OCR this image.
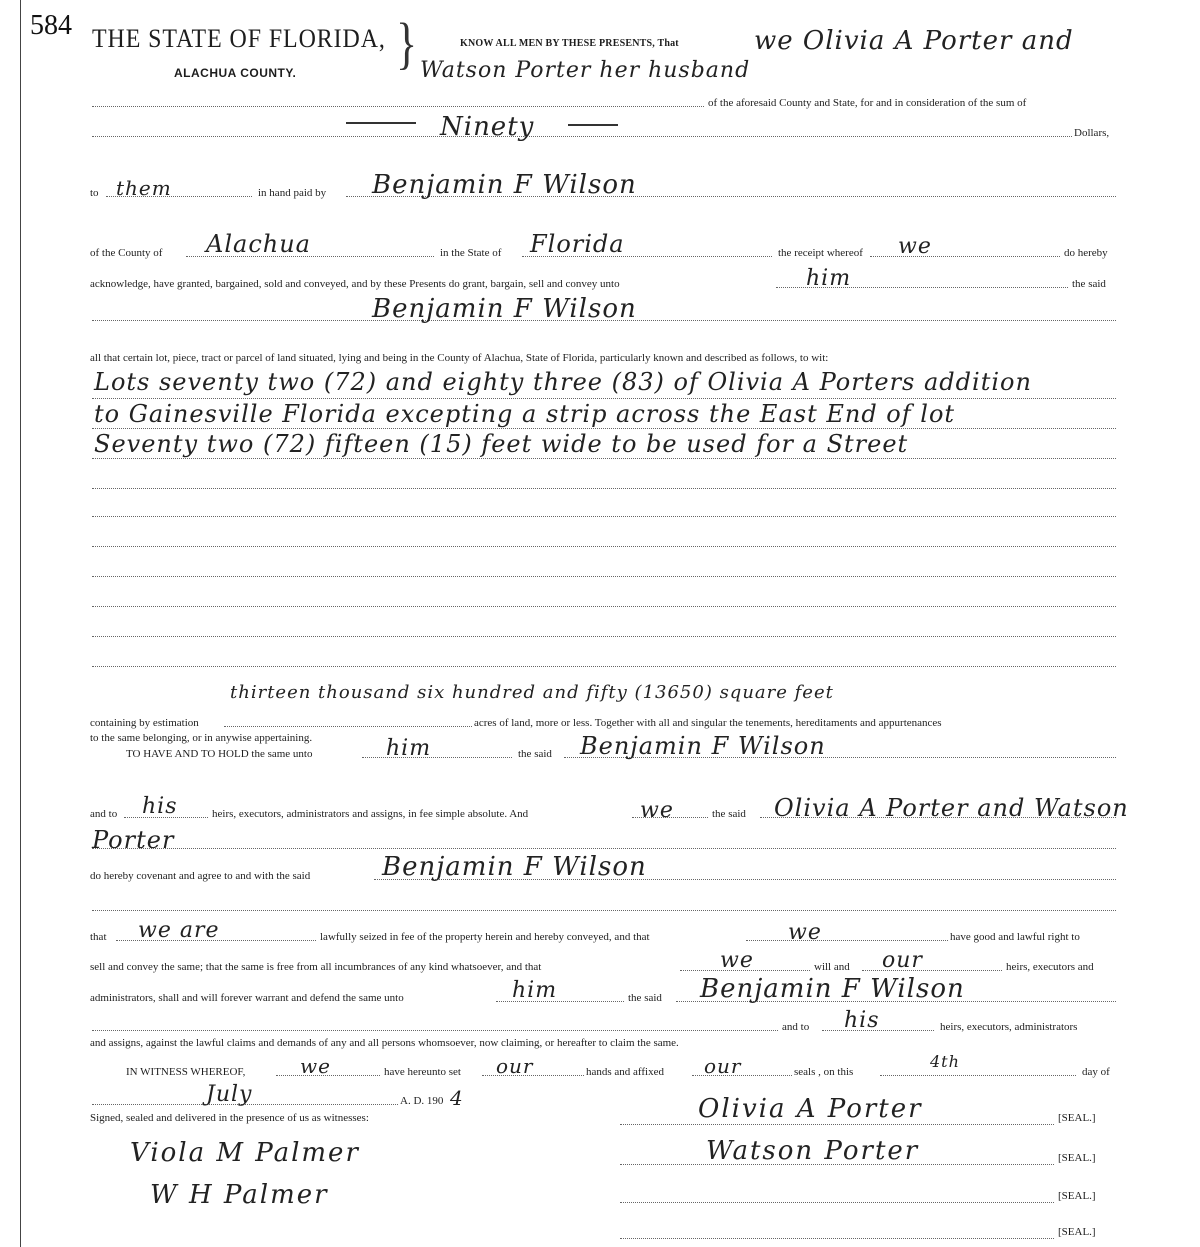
584 THE STATE OF FLORIDA,
ALACHUA COUNTY. }	KNOW ALL MEN BY THESE PRESENTS, That	we Olivia A Porter and
Watson Porter her husband
of the aforesaid County and State, for and in consideration of the sum of
Ninety	Dollars,
to them	in hand paid by Benjamin F Wilson
of the County of Alachua	in the State of Florida	the receipt whereof we	do hereby
acknowledge, have granted, bargained, sold and conveyed, and by these Presents do grant, bargain, sell and convey unto	him	the said
Benjamin F Wilson
all that certain lot, piece, tract or parcel of land situated, lying and being in the County of Alachua, State of Florida, particularly known and described as follows, to wit:
Lots seventy two (72) and eighty three (83) of Olivia A Porters addition
to Gainesville Florida excepting a strip across the East End of lot
Seventy two (72) fifteen (15) feet wide to be used for a Street
thirteen thousand six hundred and fifty (13650) square feet
containing by estimation	acres of land, more or less. Together with all and singular the tenements, hereditaments and appurtenances
to the same belonging, or in anywise appertaining.
TO HAVE AND TO HOLD the same unto	him	the said Benjamin F Wilson
and to his	heirs, executors, administrators and assigns, in fee simple absolute. And	we	the said Olivia A Porter and Watson
Porter
do hereby covenant and agree to and with the said	Benjamin F Wilson
that we are	lawfully seized in fee of the property herein and hereby conveyed, and that	we	have good and lawful right to
sell and convey the same; that the same is free from all incumbrances of any kind whatsoever, and that	we	will and our	heirs, executors and
administrators, shall and will forever warrant and defend the same unto	him	the said Benjamin F Wilson
and to his	heirs, executors, administrators
and assigns, against the lawful claims and demands of any and all persons whomsoever, now claiming, or hereafter to claim the same.
IN WITNESS WHEREOF,	we	have hereunto set our	hands and affixed our	seals , on this
4th
day of
July	A. D. 190 4
Signed, sealed and delivered in the presence of us as witnesses:
Viola M Palmer
W H Palmer
Olivia A Porter
Watson Porter
[SEAL.]
[SEAL.]
[SEAL.]
[SEAL.]
